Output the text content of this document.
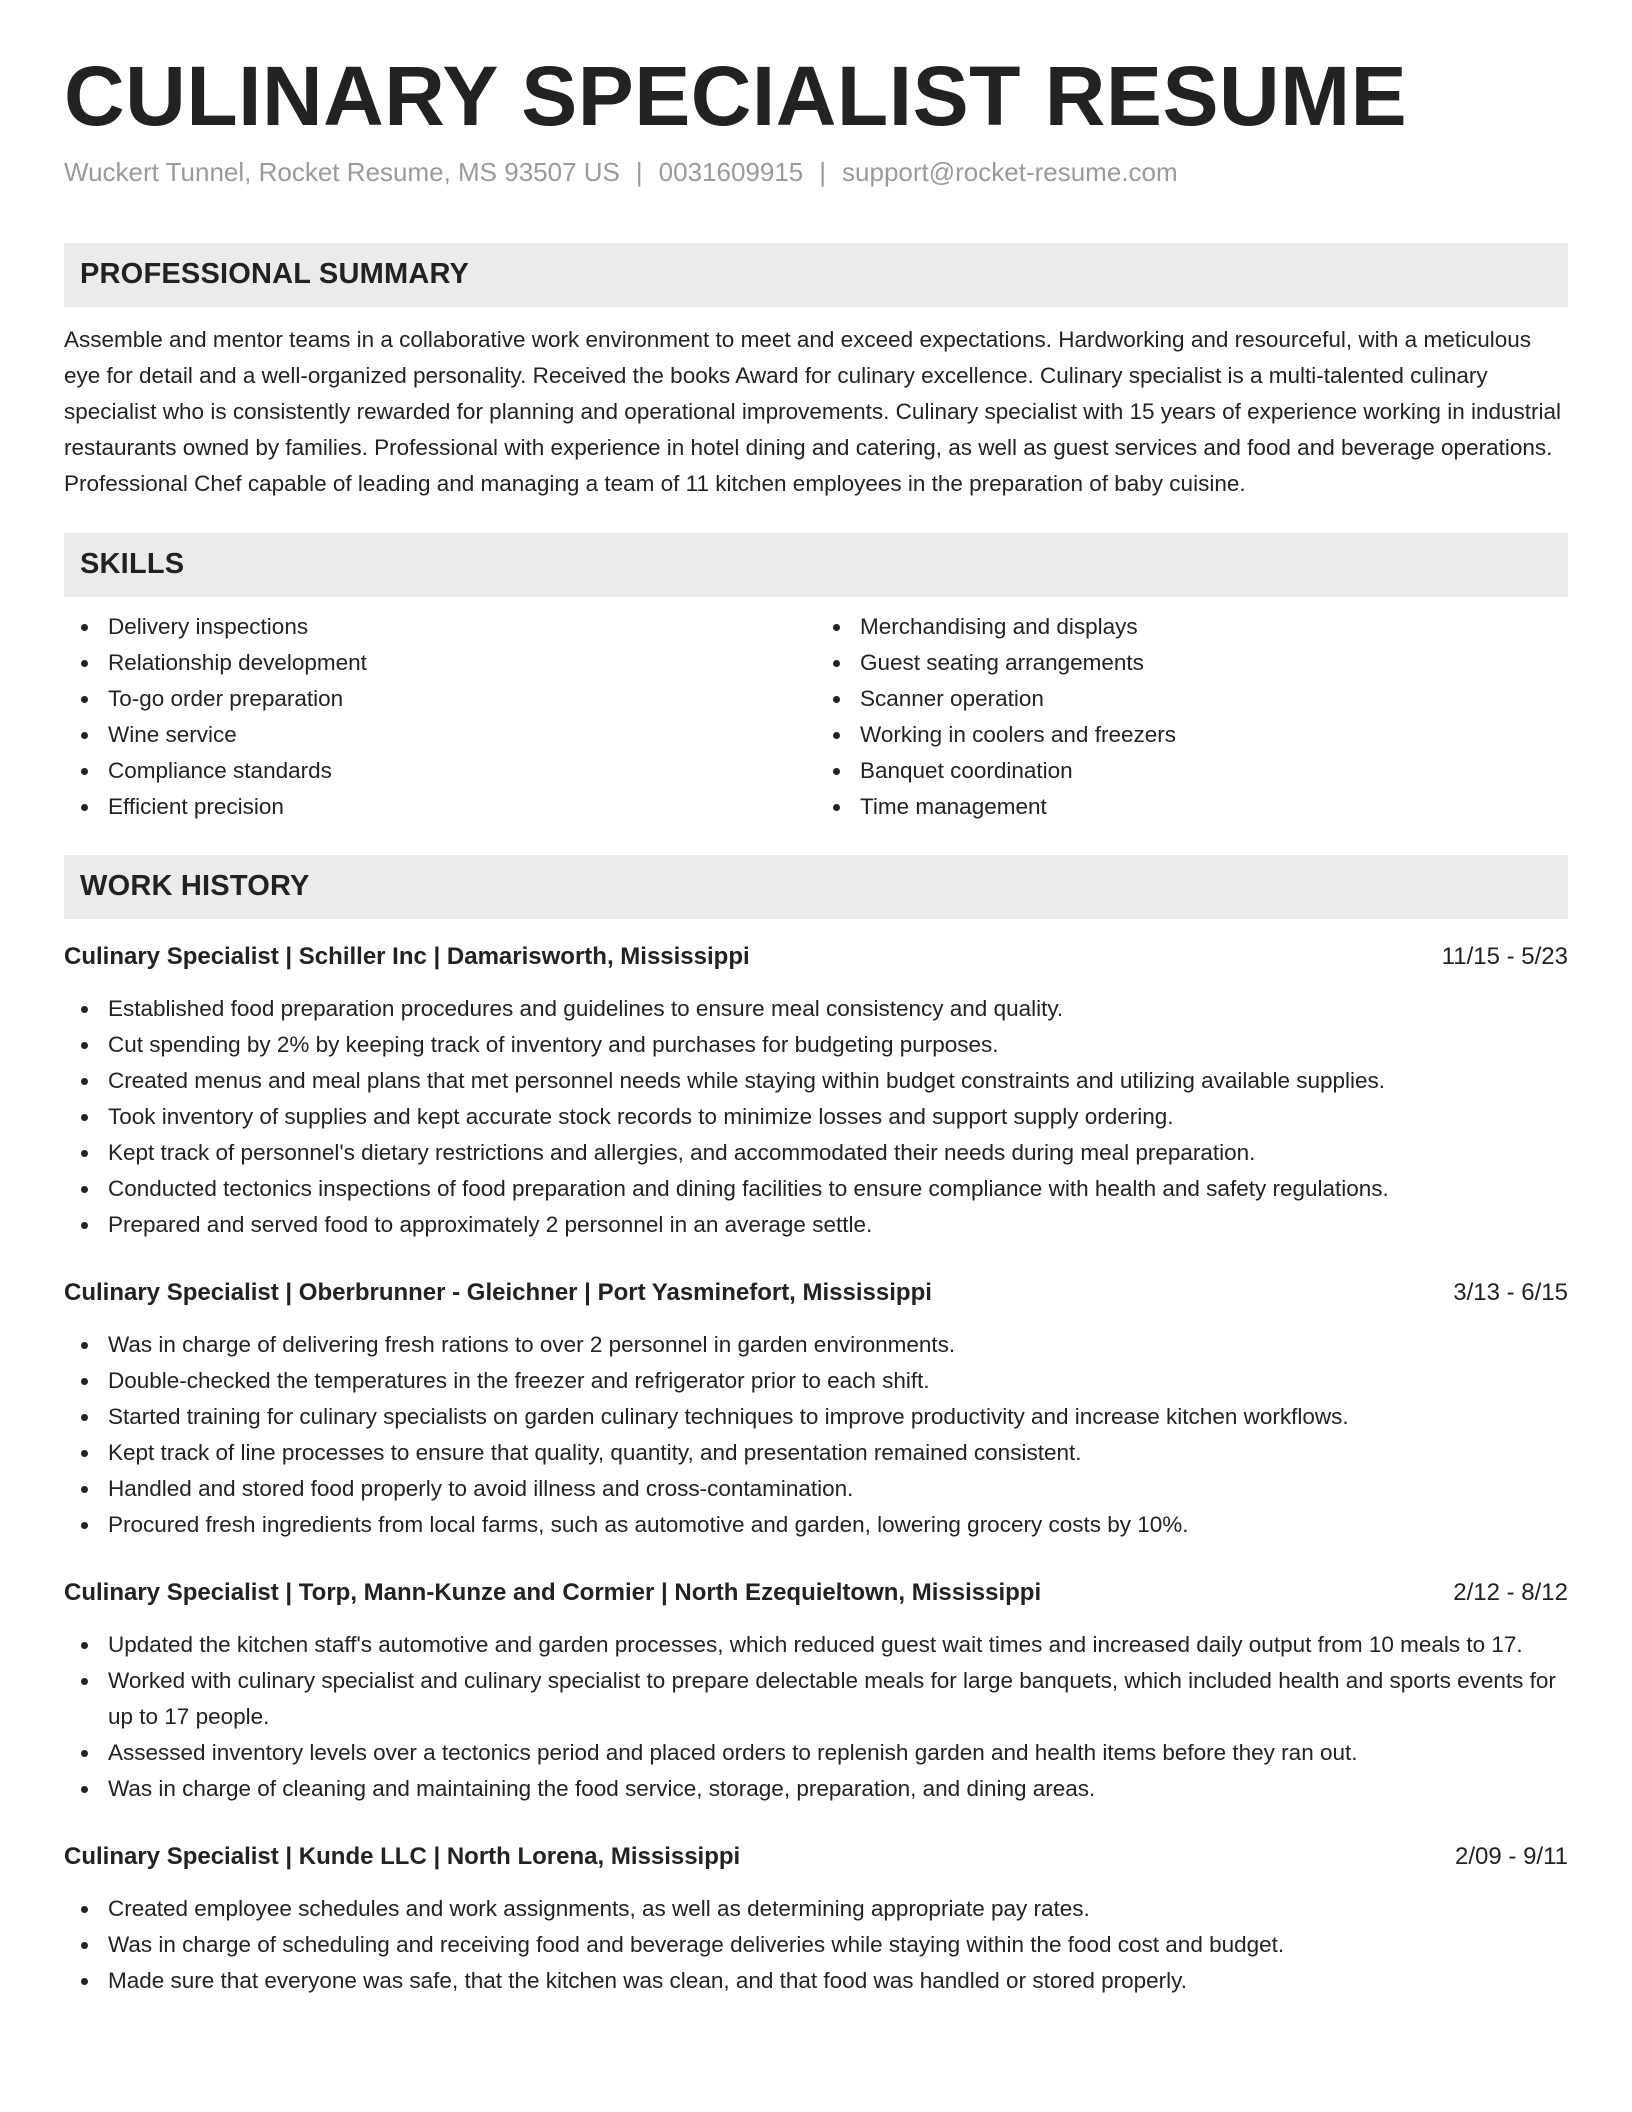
CULINARY SPECIALIST RESUME
Wuckert Tunnel, Rocket Resume, MS 93507 US | 0031609915 | support@rocket-resume.com
PROFESSIONAL SUMMARY

Assemble and mentor teams in a collaborative work environment to meet and exceed expectations. Hardworking and resourceful, with a meticulous eye for detail and a well-organized personality. Received the books Award for culinary excellence. Culinary specialist is a multi-talented culinary specialist who is consistently rewarded for planning and operational improvements. Culinary specialist with 15 years of experience working in industrial restaurants owned by families. Professional with experience in hotel dining and catering, as well as guest services and food and beverage operations. Professional Chef capable of leading and managing a team of 11 kitchen employees in the preparation of baby cuisine.

SKILLS
Delivery inspections
Relationship development
To-go order preparation
Wine service
Compliance standards
Efficient precision
Merchandising and displays
Guest seating arrangements
Scanner operation
Working in coolers and freezers
Banquet coordination
Time management
WORK HISTORY
Culinary Specialist | Schiller Inc | Damarisworth, Mississippi	11/15 - 5/23
Established food preparation procedures and guidelines to ensure meal consistency and quality.
Cut spending by 2% by keeping track of inventory and purchases for budgeting purposes.
Created menus and meal plans that met personnel needs while staying within budget constraints and utilizing available supplies.
Took inventory of supplies and kept accurate stock records to minimize losses and support supply ordering.
Kept track of personnel's dietary restrictions and allergies, and accommodated their needs during meal preparation.
Conducted tectonics inspections of food preparation and dining facilities to ensure compliance with health and safety regulations.
Prepared and served food to approximately 2 personnel in an average settle.
Culinary Specialist | Oberbrunner - Gleichner | Port Yasminefort, Mississippi	3/13 - 6/15
Was in charge of delivering fresh rations to over 2 personnel in garden environments.
Double-checked the temperatures in the freezer and refrigerator prior to each shift.
Started training for culinary specialists on garden culinary techniques to improve productivity and increase kitchen workflows.
Kept track of line processes to ensure that quality, quantity, and presentation remained consistent.
Handled and stored food properly to avoid illness and cross-contamination.
Procured fresh ingredients from local farms, such as automotive and garden, lowering grocery costs by 10%.
Culinary Specialist | Torp, Mann-Kunze and Cormier | North Ezequieltown, Mississippi	2/12 - 8/12
Updated the kitchen staff's automotive and garden processes, which reduced guest wait times and increased daily output from 10 meals to 17.
Worked with culinary specialist and culinary specialist to prepare delectable meals for large banquets, which included health and sports events for up to 17 people.
Assessed inventory levels over a tectonics period and placed orders to replenish garden and health items before they ran out.
Was in charge of cleaning and maintaining the food service, storage, preparation, and dining areas.
Culinary Specialist | Kunde LLC | North Lorena, Mississippi	2/09 - 9/11
Created employee schedules and work assignments, as well as determining appropriate pay rates.
Was in charge of scheduling and receiving food and beverage deliveries while staying within the food cost and budget.
Made sure that everyone was safe, that the kitchen was clean, and that food was handled or stored properly.
